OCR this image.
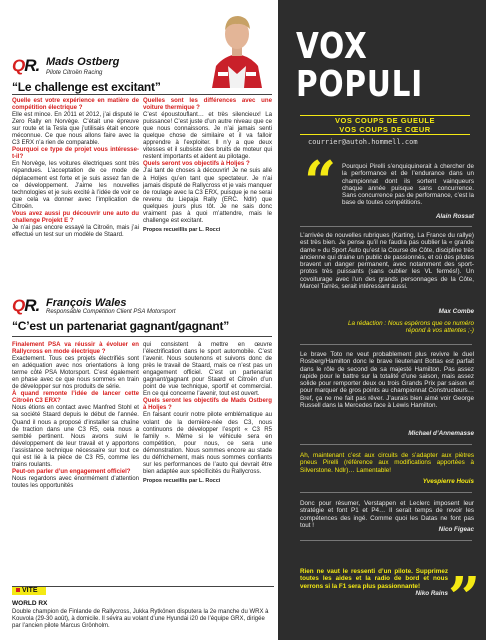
QR. Mads Ostberg
Pilote Citroën Racing
“Le challenge est excitant”
Quelle est votre expérience en matière de compétition électrique ?
Elle est mince. En 2011 et 2012, j’ai disputé le Zero Rally en Norvège. C’était une épreuve sur route et la Tesla que j’utilisais était encore méconnue. Ce que nous allons faire avec la C3 ERX n’a rien de comparable.
Pourquoi ce type de projet vous intéresse-t-il?
En Norvège, les voitures électriques sont très répandues. L’acceptation de ce mode de déplacement est forte et je suis assez fan de ce développement. J’aime les nouvelles technologies et je suis excité à l’idée de voir ce que cela va donner avec l’implication de Citroën.
Vous avez aussi pu découvrir une auto du challenge Projekt E ?
Je n’ai pas encore essayé la Citroën, mais j’ai effectué un test sur un modèle de Staard.
Quelles sont les différences avec une voiture thermique ?
C’est époustouflant… et très silencieux! La puissance! C’est juste d’un autre niveau que ce que nous connaissons. Je n’ai jamais senti quelque chose de similaire et il va falloir apprendre à l’exploiter. Il n’y a que deux vitesses et il subsiste des bruits de moteur qui restent importants et aident au pilotage.
Quels seront vos objectifs à Holjes ?
J’ai tant de choses à découvrir! Je ne suis allé à Holjes qu’en tant que spectateur. Je n’ai jamais disputé de Rallycross et je vais manquer de roulage avec la C3 ERX, puisque je ne serai revenu du Liepaja Rally (ERC. Ndlr) que quelques jours plus tôt. Je ne sais donc vraiment pas à quoi m’attendre, mais le challenge est excitant.
Propos recueillis par L. Rocci
QR. François Wales
Responsable Compétition Client PSA Motorsport
“C’est un partenariat gagnant/gagnant”
Finalement PSA va réussir à évoluer en Rallycross en mode électrique ?
Exactement. Tous ces projets électrifiés sont en adéquation avec nos orientations à long terme côté PSA Motorsport. C’est également en phase avec ce que nous sommes en train de développer sur nos produits de série.
À quand remonte l’idée de lancer cette Citroën C3 ERX?
Nous étions en contact avec Manfred Stohl et sa société Staard depuis le début de l’année. Quand il nous a proposé d’installer sa chaîne de traction dans une C3 R5, cela nous a semblé pertinent. Nous avons suivi le développement de leur travail et y apportons l’assistance technique nécessaire sur tout ce qui est lié à la pièce de C3 R5, comme les trains roulants.
Peut-on parler d’un engagement officiel?
Nous regardons avec énormément d’attention toutes les opportunités
qui consistent à mettre en œuvre l’électrification dans le sport automobile. C’est l’avenir. Nous soutenons et suivons donc de près le travail de Staard, mais ce n’est pas un engagement officiel. C’est un partenariat gagnant/gagnant pour Staard et Citroën d’un point de vue technique, sportif et commercial. En ce qui concerne l’avenir, tout est ouvert.
Quels seront les objectifs de Mads Ostberg à Holjes ?
En faisant courir notre pilote emblématique au volant de la dernière-née des C3, nous continuons de développer l’esprit « C3 R5 family ». Même si le véhicule sera en compétition, pour nous, ce sera une démonstration. Nous sommes encore au stade du défrichement, mais nous sommes confiants sur les performances de l’auto qui devrait être bien adaptée aux spécificités du Rallycross.
Propos recueillis par L. Rocci
VITE
WORLD RX
Double champion de Finlande de Rallycross, Jukka Rytkönen disputera la 2e manche du WRX à Kouvola (29-30 août), à domicile. Il sévira au volant d’une Hyundai i20 de l’équipe GRX, dirigée par l’ancien pilote Marcus Grönholm.
VOX
POPULI
VOS COUPS DE GUEULE
VOS COUPS DE CŒUR
courrier@autoh.hommell.com
“ Pourquoi Pirelli s’enquiquinerait à chercher de la performance et de l’endurance dans un championnat dont ils sortent vainqueurs chaque année puisque sans concurrence. Sans concurrence pas de performance, c’est la base de toutes compétitions.
Alain Rossat
L’arrivée de nouvelles rubriques (Karting, La France du rallye) est très bien. Je pense qu’il ne faudra pas oublier la « grande dame » du Sport Auto qu’est la Course de Côte, discipline très ancienne qui draine un public de passionnés, et où des pilotes bravent un danger permanent, avec notamment des sport-protos très puissants (sans oublier les VL fermés!). Un covoiturage avec l’un des grands personnages de la Côte, Marcel Tarrès, serait intéressant aussi.
Max Combe
La rédaction : Nous espérons que ce numéro répond à vos attentes ;-)
Le brave Toto ne veut probablement plus revivre le duel Rosberg/Hamilton donc le brave lieutenant Bottas est parfait dans le rôle de second de sa majesté Hamilton. Pas assez rapide pour le battre sur la totalité d’une saison, mais assez solide pour remporter deux ou trois Grands Prix par saison et pour marquer de gros points au championnat Constructeurs… Bref, ça ne me fait pas rêver. J’aurais bien aimé voir George Russell dans la Mercedes face à Lewis Hamilton.
Michael d’Annemasse
Ah, maintenant c’est aux circuits de s’adapter aux piètres pneus Pirelli (référence aux modifications apportées à Silverstone. Ndlr)… Lamentable!
Yvespierre Houis
Donc pour résumer, Verstappen et Leclerc imposent leur stratégie et font P1 et P4… Il serait temps de revoir les compétences des ingé. Comme quoi les Datas ne font pas tout !
Nico Figeac
Rien ne vaut le ressenti d’un pilote. Supprimez toutes les aides et la radio de bord et nous verrons si la F1 sera plus passionnante!
Niko Rains ”
